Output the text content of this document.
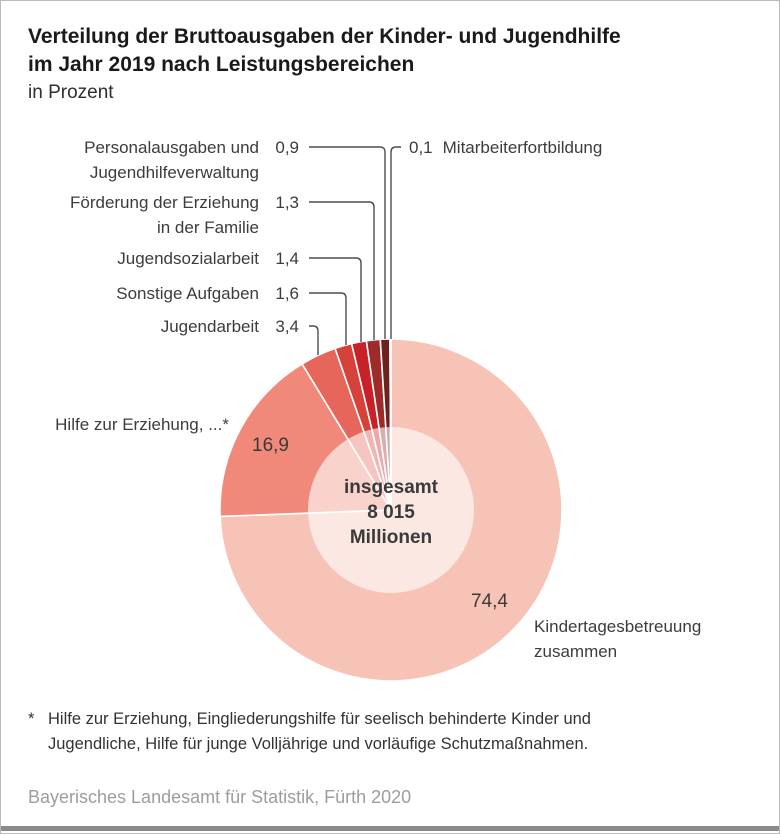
Verteilung der Bruttoausgaben der Kinder- und Jugendhilfe
im Jahr 2019 nach Leistungsbereichen
in Prozent
Personalausgaben und
Jugendhilfeverwaltung
0,9
Förderung der Erziehung
in der Familie
1,3
Jugendsozialarbeit 1,4
Sonstige Aufgaben 1,6
Jugendarbeit 3,4
0,1 Mitarbeiterfortbildung
Hilfe zur Erziehung, ...*
16,9
74,4
Kindertagesbetreuung
zusammen
insgesamt
8 015
Millionen
* Hilfe zur Erziehung, Eingliederungshilfe für seelisch behinderte Kinder und
Jugendliche, Hilfe für junge Volljährige und vorläufige Schutzmaßnahmen.
Bayerisches Landesamt für Statistik, Fürth 2020
